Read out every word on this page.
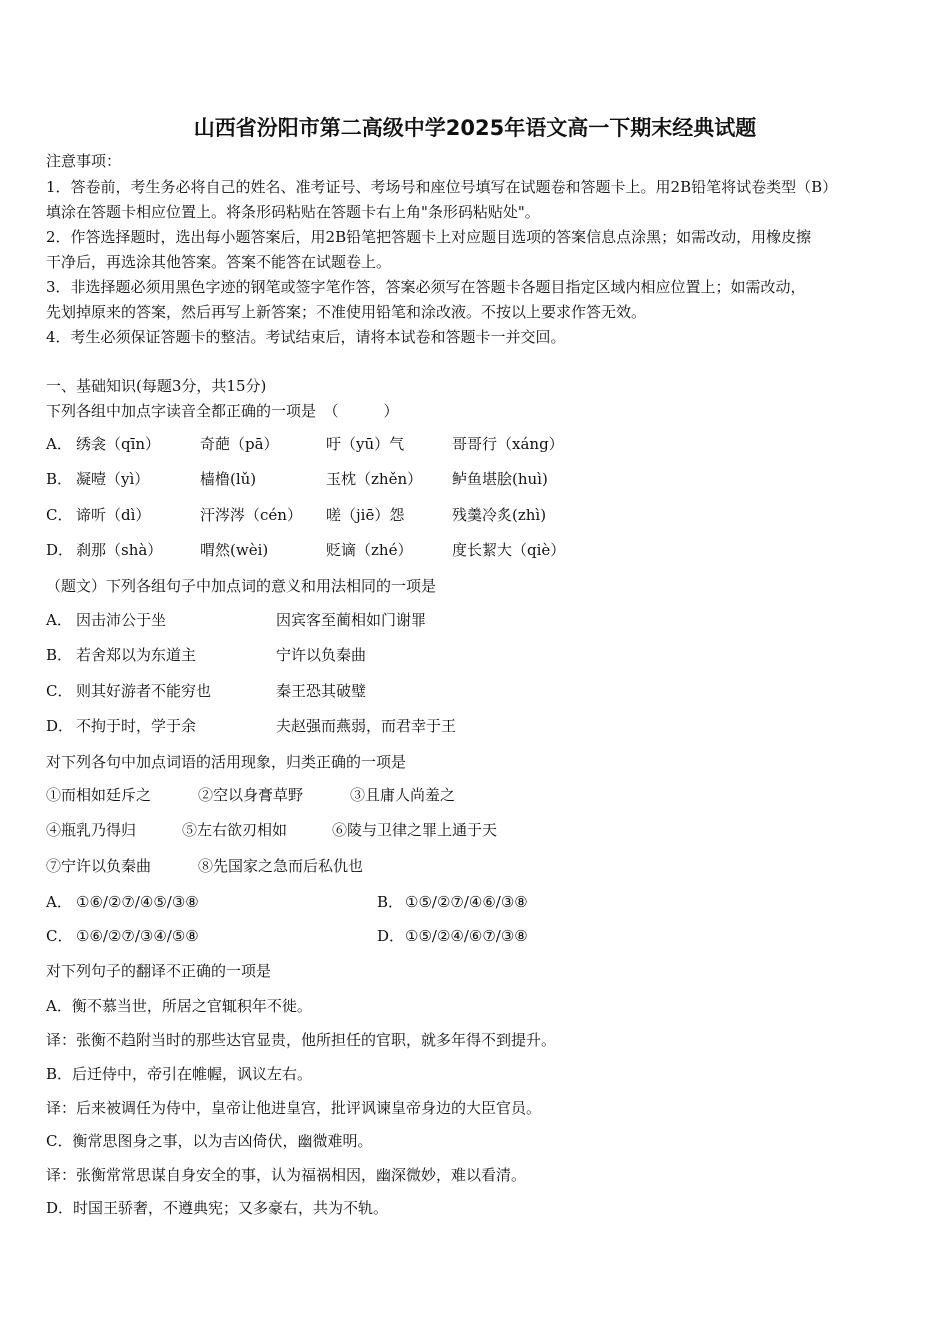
山西省汾阳市第二高级中学2025年语文高一下期末经典试题
注意事项：
1．答卷前，考生务必将自己的姓名、准考证号、考场号和座位号填写在试题卷和答题卡上。用2B铅笔将试卷类型（B）
填涂在答题卡相应位置上。将条形码粘贴在答题卡右上角"条形码粘贴处"。
2．作答选择题时，选出每小题答案后，用2B铅笔把答题卡上对应题目选项的答案信息点涂黑；如需改动，用橡皮擦
干净后，再选涂其他答案。答案不能答在试题卷上。
3．非选择题必须用黑色字迹的钢笔或签字笔作答，答案必须写在答题卡各题目指定区域内相应位置上；如需改动，
先划掉原来的答案，然后再写上新答案；不准使用铅笔和涂改液。不按以上要求作答无效。
4．考生必须保证答题卡的整洁。考试结束后，请将本试卷和答题卡一并交回。
一、基础知识(每题3分，共15分)
下列各组中加点字读音全都正确的一项是　（　　　）
A． 绣衾（qīn）	奇葩（pā）	吁（yū）气	哥哥行（xáng）
B． 凝噎（yì）	樯橹(lǔ)	玉枕（zhěn） 鲈鱼堪脍(huì)
C． 谛听（dì）	汗涔涔（cén） 嗟（jiē）怨	残羹冷炙(zhì)
D． 刹那（shà）	喟然(wèi)	贬谪（zhé）	度长絜大（qiè）
（题文）下列各组句子中加点词的意义和用法相同的一项是
A． 因击沛公于坐	因宾客至蔺相如门谢罪
B． 若舍郑以为东道主	宁许以负秦曲
C． 则其好游者不能穷也	秦王恐其破璧
D． 不拘于时，学于余	夫赵强而燕弱，而君幸于王
对下列各句中加点词语的活用现象，归类正确的一项是
①而相如廷斥之	②空以身膏草野	③且庸人尚羞之
④瓶乳乃得归	⑤左右欲刃相如	⑥陵与卫律之罪上通于天
⑦宁许以负秦曲	⑧先国家之急而后私仇也
A． ①⑥/②⑦/④⑤/③⑧	B． ①⑤/②⑦/④⑥/③⑧
C． ①⑥/②⑦/③④/⑤⑧	D． ①⑤/②④/⑥⑦/③⑧
对下列句子的翻译不正确的一项是
A．衡不慕当世，所居之官辄积年不徙。
译：张衡不趋附当时的那些达官显贵，他所担任的官职，就多年得不到提升。
B．后迁侍中，帝引在帷幄，讽议左右。
译：后来被调任为侍中，皇帝让他进皇宫，批评讽谏皇帝身边的大臣官员。
C．衡常思图身之事，以为吉凶倚伏，幽微难明。
译：张衡常常思谋自身安全的事，认为福祸相因，幽深微妙，难以看清。
D．时国王骄奢，不遵典宪；又多豪右，共为不轨。
